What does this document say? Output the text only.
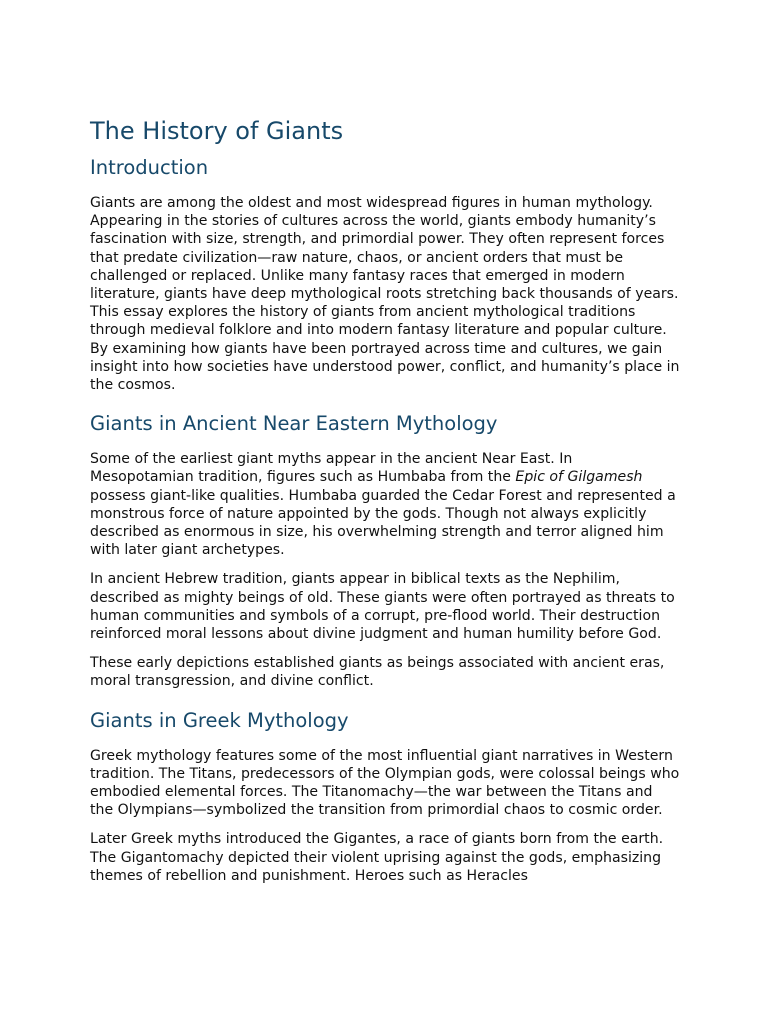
The History of Giants
Introduction

Giants are among the oldest and most widespread figures in human mythology. Appearing in the stories of cultures across the world, giants embody humanity’s fascination with size, strength, and primordial power. They often represent forces that predate civilization—raw nature, chaos, or ancient orders that must be challenged or replaced. Unlike many fantasy races that emerged in modern literature, giants have deep mythological roots stretching back thousands of years. This essay explores the history of giants from ancient mythological traditions through medieval folklore and into modern fantasy literature and popular culture. By examining how giants have been portrayed across time and cultures, we gain insight into how societies have understood power, conflict, and humanity’s place in the cosmos.

Giants in Ancient Near Eastern Mythology

Some of the earliest giant myths appear in the ancient Near East. In Mesopotamian tradition, figures such as Humbaba from the Epic of Gilgamesh possess giant-like qualities. Humbaba guarded the Cedar Forest and represented a monstrous force of nature appointed by the gods. Though not always explicitly described as enormous in size, his overwhelming strength and terror aligned him with later giant archetypes.

In ancient Hebrew tradition, giants appear in biblical texts as the Nephilim, described as mighty beings of old. These giants were often portrayed as threats to human communities and symbols of a corrupt, pre-flood world. Their destruction reinforced moral lessons about divine judgment and human humility before God.

These early depictions established giants as beings associated with ancient eras, moral transgression, and divine conflict.

Giants in Greek Mythology

Greek mythology features some of the most influential giant narratives in Western tradition. The Titans, predecessors of the Olympian gods, were colossal beings who embodied elemental forces. The Titanomachy—the war between the Titans and the Olympians—symbolized the transition from primordial chaos to cosmic order.

Later Greek myths introduced the Gigantes, a race of giants born from the earth. The Gigantomachy depicted their violent uprising against the gods, emphasizing themes of rebellion and punishment. Heroes such as Heracles
